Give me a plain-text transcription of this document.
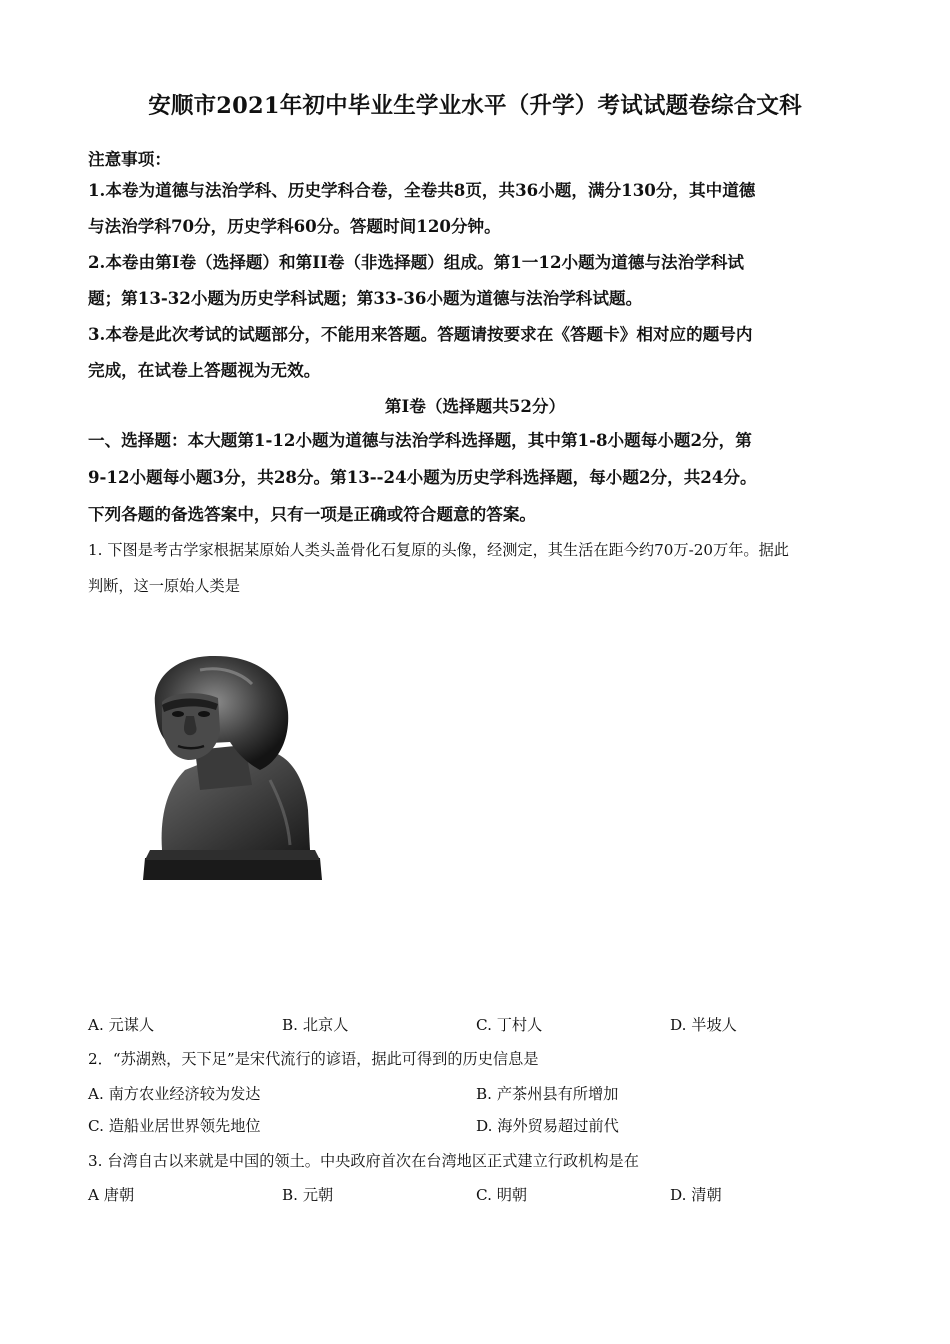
安顺市2021年初中毕业生学业水平（升学）考试试题卷综合文科
注意事项：
1.本卷为道德与法治学科、历史学科合卷，全卷共8页，共36小题，满分130分，其中道德
与法治学科70分，历史学科60分。答题时间120分钟。
2.本卷由第Ⅰ卷（选择题）和第ⅠⅠ卷（非选择题）组成。第1一12小题为道德与法治学科试
题；第13-32小题为历史学科试题；第33-36小题为道德与法治学科试题。
3.本卷是此次考试的试题部分，不能用来答题。答题请按要求在《答题卡》相对应的题号内
完成，在试卷上答题视为无效。
第Ⅰ卷（选择题共52分）
一、选择题：本大题第1-12小题为道德与法治学科选择题，其中第1-8小题每小题2分，第
9-12小题每小题3分，共28分。第13--24小题为历史学科选择题，每小题2分，共24分。
下列各题的备选答案中，只有一项是正确或符合题意的答案。
1. 下图是考古学家根据某原始人类头盖骨化石复原的头像，经测定，其生活在距今约70万-20万年。据此
判断，这一原始人类是
A. 元谋人	B. 北京人	C. 丁村人	D. 半坡人
2．“苏湖熟，天下足”是宋代流行的谚语，据此可得到的历史信息是
A. 南方农业经济较为发达	B. 产茶州县有所增加
C. 造船业居世界领先地位	D. 海外贸易超过前代
3. 台湾自古以来就是中国的领土。中央政府首次在台湾地区正式建立行政机构是在
A 唐朝	B. 元朝	C. 明朝	D. 清朝
